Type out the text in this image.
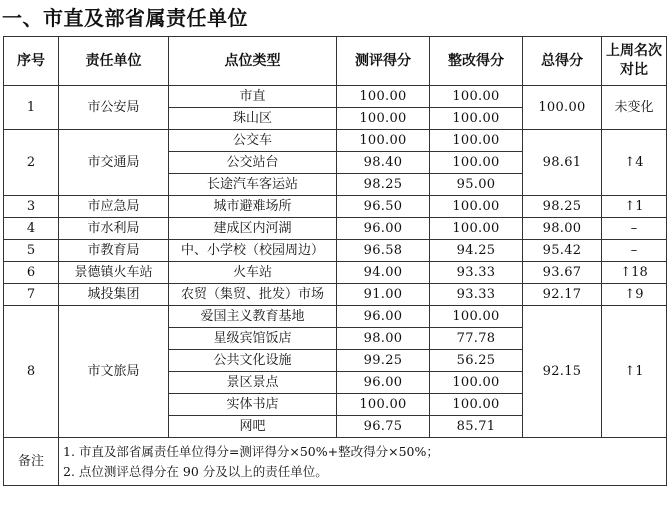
一、市直及部省属责任单位
序号	责任单位	点位类型	测评得分	整改得分	总得分	上周名次
对比

1	市公安局	市直	100.00	100.00	100.00	未变化
		珠山区	100.00	100.00		
2	市交通局	公交车	100.00	100.00	98.61	↑4
		公交站台	98.40	100.00		
		长途汽车客运站	98.25	95.00		
3	市应急局	城市避难场所	96.50	100.00	98.25	↑1
4	市水利局	建成区内河湖	96.00	100.00	98.00	–
5	市教育局	中、小学校（校园周边）	96.58	94.25	95.42	–
6	景德镇火车站	火车站	94.00	93.33	93.67	↑18
7	城投集团	农贸（集贸、批发）市场	91.00	93.33	92.17	↑9
8	市文旅局	爱国主义教育基地	96.00	100.00	92.15	↑1
		星级宾馆饭店	98.00	77.78		
		公共文化设施	99.25	56.25		
		景区景点	96.00	100.00		
		实体书店	100.00	100.00		
		网吧	96.75	85.71		
备注	1. 市直及部省属责任单位得分=测评得分×50%+整改得分×50%；
2. 点位测评总得分在 90 分及以上的责任单位。					
